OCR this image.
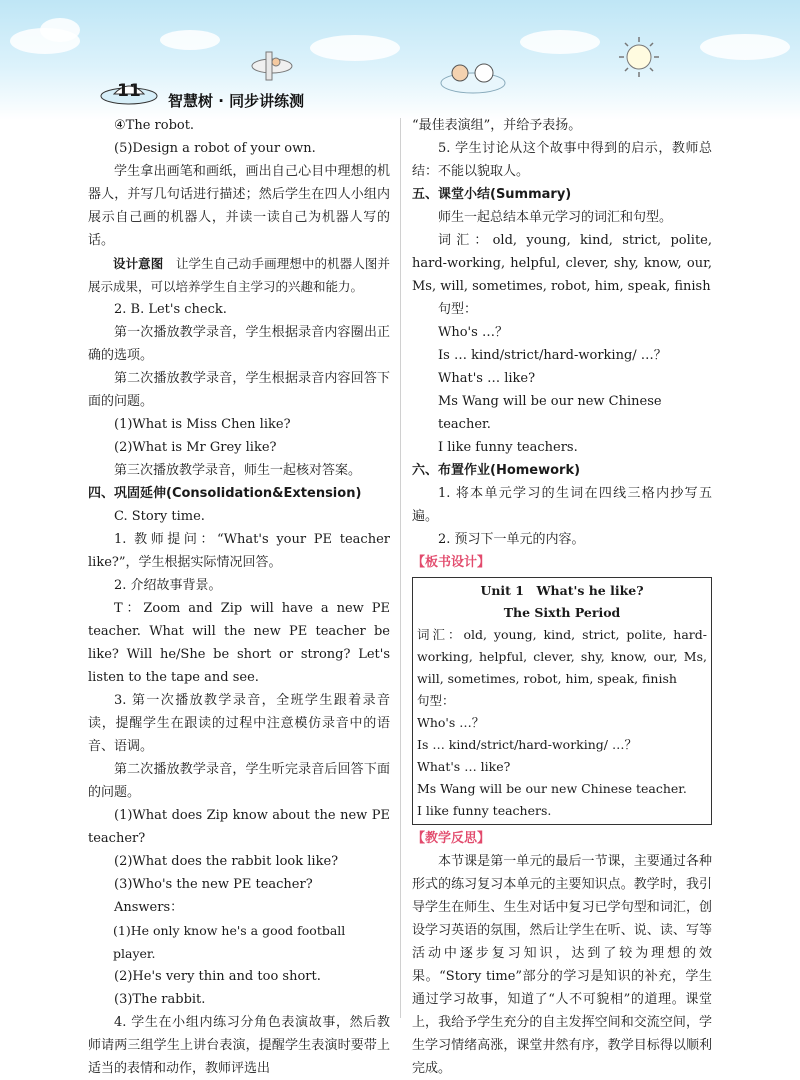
11	智慧树 · 同步讲练测

④The robot.

(5)Design a robot of your own.

学生拿出画笔和画纸，画出自己心目中理想的机器人，并写几句话进行描述；然后学生在四人小组内展示自己画的机器人，并读一读自己为机器人写的话。

设计意图　 让学生自己动手画理想中的机器人图并展示成果，可以培养学生自主学习的兴趣和能力。

2. B. Let's check.

第一次播放教学录音，学生根据录音内容圈出正确的选项。

第二次播放教学录音，学生根据录音内容回答下面的问题。

(1)What is Miss Chen like?

(2)What is Mr Grey like?

第三次播放教学录音，师生一起核对答案。

四、巩固延伸(Consolidation&Extension)

C. Story time.

1. 教师提问：“What's your PE teacher like?”，学生根据实际情况回答。

2. 介绍故事背景。

T：Zoom and Zip will have a new PE teacher. What will the new PE teacher be like? Will he/She be short or strong? Let's listen to the tape and see.

3. 第一次播放教学录音，全班学生跟着录音读，提醒学生在跟读的过程中注意模仿录音中的语音、语调。

第二次播放教学录音，学生听完录音后回答下面的问题。

(1)What does Zip know about the new PE teacher?

(2)What does the rabbit look like?

(3)Who's the new PE teacher?

Answers：

(1)He only know he's a good football player.

(2)He's very thin and too short.

(3)The rabbit.

4. 学生在小组内练习分角色表演故事，然后教师请两三组学生上讲台表演，提醒学生表演时要带上适当的表情和动作，教师评选出

“最佳表演组”，并给予表扬。

5. 学生讨论从这个故事中得到的启示，教师总结：不能以貌取人。

五、课堂小结(Summary)

师生一起总结本单元学习的词汇和句型。

词汇：old, young, kind, strict, polite, hard-working, helpful, clever, shy, know, our, Ms, will, sometimes, robot, him, speak, finish

句型：

Who's …？

Is … kind/strict/hard-working/ …？

What's … like?

Ms Wang will be our new Chinese teacher.

I like funny teachers.

六、布置作业(Homework)

1. 将本单元学习的生词在四线三格内抄写五遍。

2. 预习下一单元的内容。

【板书设计】

Unit 1　What's he like?

The Sixth Period

词汇：old, young, kind, strict, polite, hard-working, helpful, clever, shy, know, our, Ms, will, sometimes, robot, him, speak, finish

句型：

Who's …？

Is … kind/strict/hard-working/ …？

What's … like?

Ms Wang will be our new Chinese teacher.

I like funny teachers.

【教学反思】

本节课是第一单元的最后一节课，主要通过各种形式的练习复习本单元的主要知识点。教学时，我引导学生在师生、生生对话中复习已学句型和词汇，创设学习英语的氛围，然后让学生在听、说、读、写等活动中逐步复习知识，达到了较为理想的效果。“Story time”部分的学习是知识的补充，学生通过学习故事，知道了“人不可貌相”的道理。课堂上，我给予学生充分的自主发挥空间和交流空间，学生学习情绪高涨，课堂井然有序，教学目标得以顺利完成。
